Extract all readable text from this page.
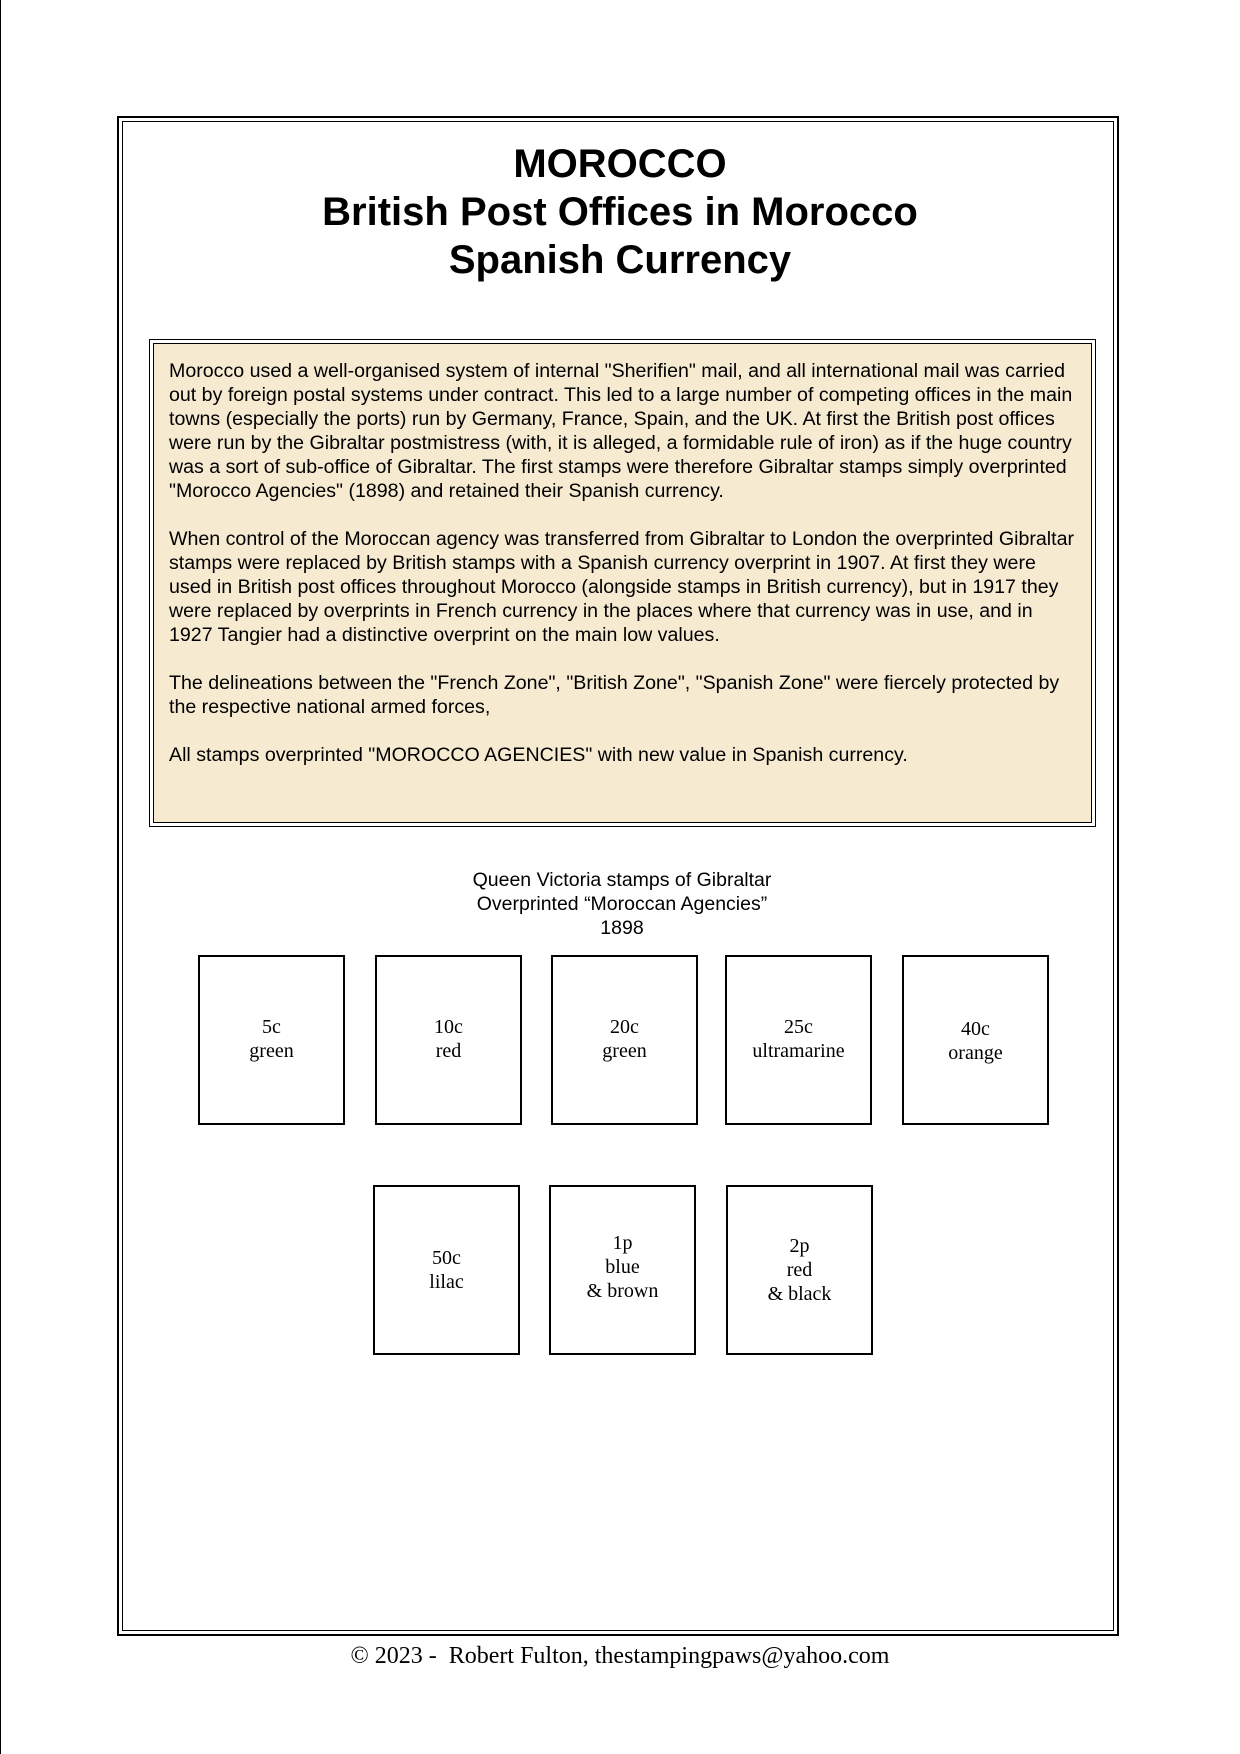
MOROCCO
British Post Offices in Morocco
Spanish Currency

Morocco used a well-organised system of internal "Sherifien" mail, and all international mail was carried out by foreign postal systems under contract. This led to a large number of competing offices in the main towns (especially the ports) run by Germany, France, Spain, and the UK. At first the British post offices were run by the Gibraltar postmistress (with, it is alleged, a formidable rule of iron) as if the huge country was a sort of sub-office of Gibraltar. The first stamps were therefore Gibraltar stamps simply overprinted "Morocco Agencies" (1898) and retained their Spanish currency.

When control of the Moroccan agency was transferred from Gibraltar to London the overprinted Gibraltar stamps were replaced by British stamps with a Spanish currency overprint in 1907. At first they were used in British post offices throughout Morocco (alongside stamps in British currency), but in 1917 they were replaced by overprints in French currency in the places where that currency was in use, and in 1927 Tangier had a distinctive overprint on the main low values.

The delineations between the "French Zone", "British Zone", "Spanish Zone" were fiercely protected by the respective national armed forces,

All stamps overprinted "MOROCCO AGENCIES" with new value in Spanish currency.

Queen Victoria stamps of Gibraltar
Overprinted “Moroccan Agencies”
1898
5c
green
10c
red
20c
green
25c
ultramarine
40c
orange
50c
lilac
1p
blue
& brown
2p
red
& black
© 2023 -  Robert Fulton, thestampingpaws@yahoo.com
